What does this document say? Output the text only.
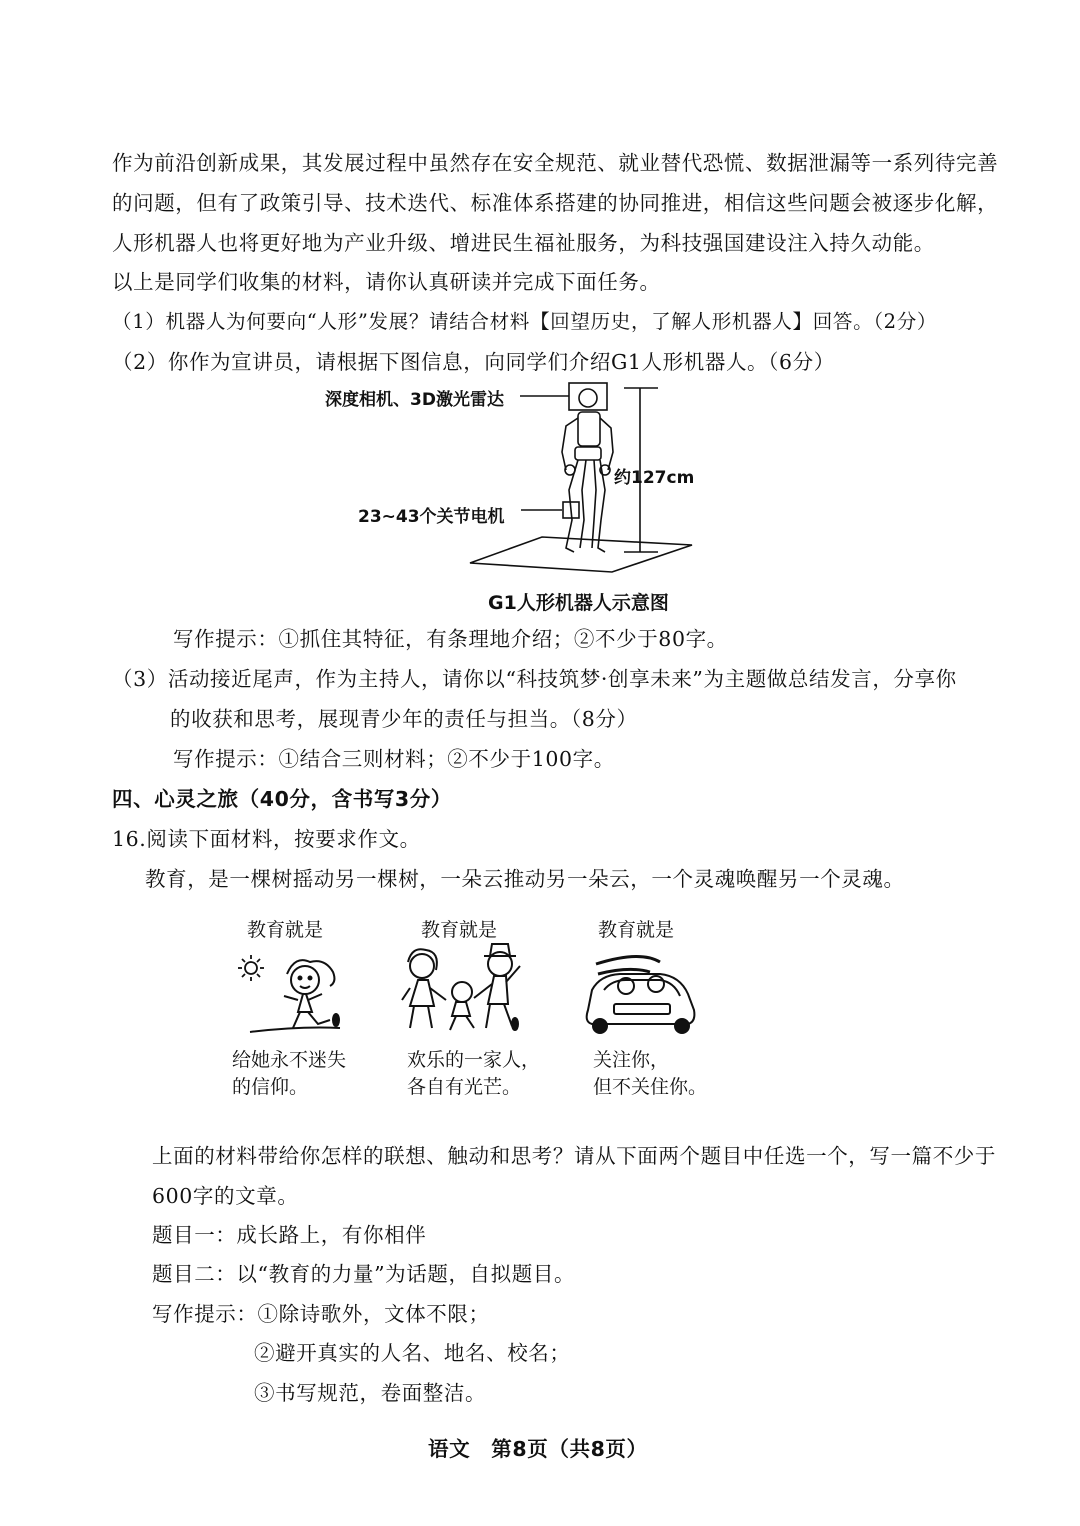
作为前沿创新成果，其发展过程中虽然存在安全规范、就业替代恐慌、数据泄漏等一系列待完善
的问题，但有了政策引导、技术迭代、标准体系搭建的协同推进，相信这些问题会被逐步化解，
人形机器人也将更好地为产业升级、增进民生福祉服务，为科技强国建设注入持久动能。
以上是同学们收集的材料，请你认真研读并完成下面任务。
（1）机器人为何要向“人形”发展？请结合材料【回望历史，了解人形机器人】回答。（2分）
（2）你作为宣讲员，请根据下图信息，向同学们介绍G1人形机器人。（6分）
深度相机、3D激光雷达
约127cm
23~43个关节电机
G1人形机器人示意图
写作提示：①抓住其特征，有条理地介绍；②不少于80字。
（3）活动接近尾声，作为主持人，请你以“科技筑梦·创享未来”为主题做总结发言，分享你
的收获和思考，展现青少年的责任与担当。（8分）
写作提示：①结合三则材料；②不少于100字。
四、心灵之旅（40分，含书写3分）
16.阅读下面材料，按要求作文。
教育，是一棵树摇动另一棵树，一朵云推动另一朵云，一个灵魂唤醒另一个灵魂。
教育就是	教育就是	教育就是
给她永不迷失
的信仰。
欢乐的一家人，
各自有光芒。
关注你，
但不关住你。
上面的材料带给你怎样的联想、触动和思考？请从下面两个题目中任选一个，写一篇不少于
600字的文章。
题目一：成长路上，有你相伴
题目二：以“教育的力量”为话题，自拟题目。
写作提示：①除诗歌外，文体不限；
②避开真实的人名、地名、校名；
③书写规范，卷面整洁。
语文　第8页（共8页）
